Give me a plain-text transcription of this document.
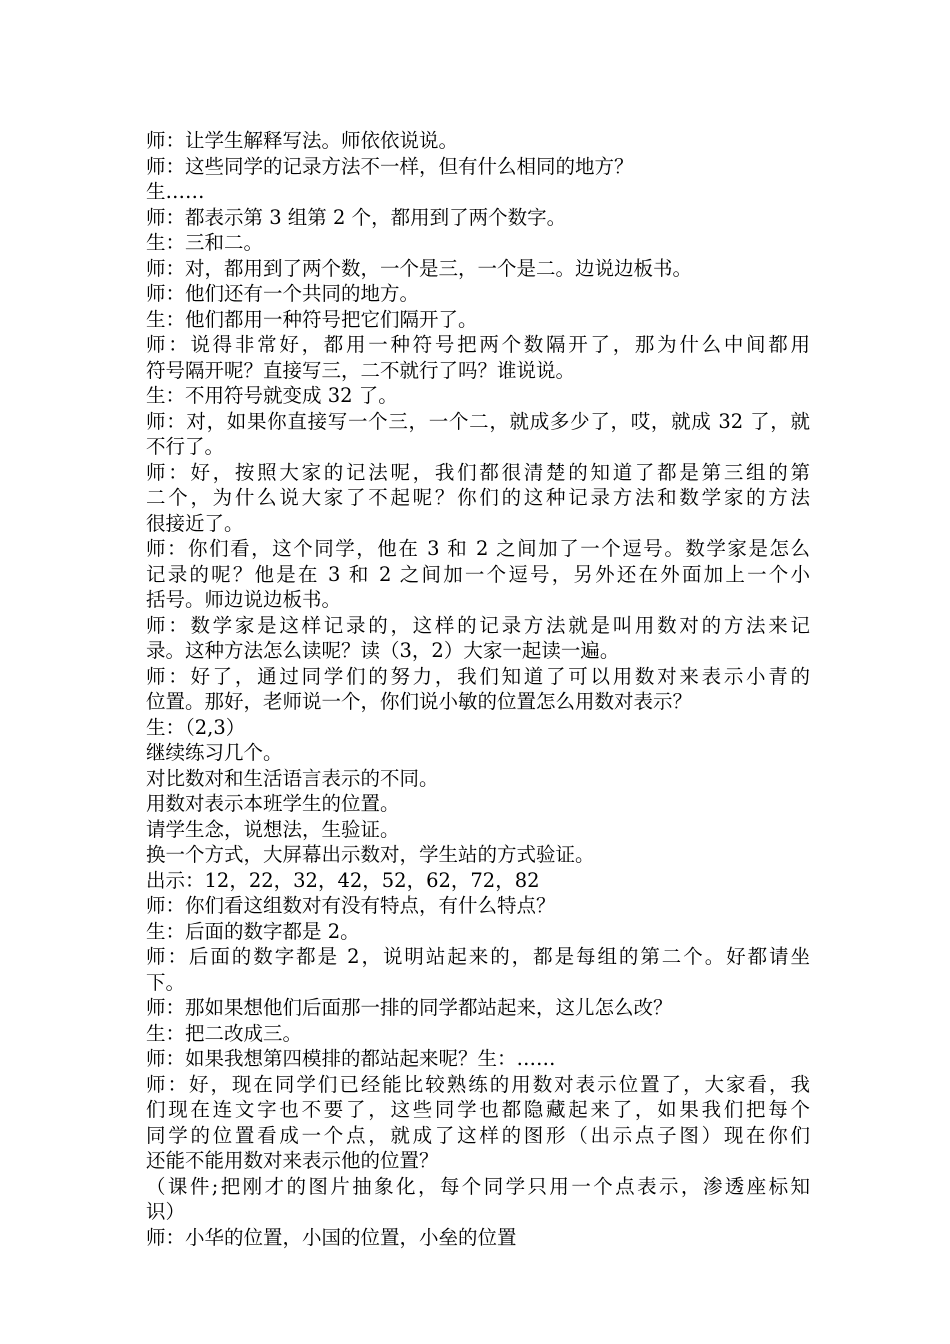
师：让学生解释写法。师依依说说。
师：这些同学的记录方法不一样，但有什么相同的地方？
生……
师：都表示第 3 组第 2 个，都用到了两个数字。
生：三和二。
师：对，都用到了两个数，一个是三，一个是二。边说边板书。
师：他们还有一个共同的地方。
生：他们都用一种符号把它们隔开了。
师：说得非常好，都用一种符号把两个数隔开了，那为什么中间都用
符号隔开呢？直接写三，二不就行了吗？谁说说。
生：不用符号就变成 32 了。
师：对，如果你直接写一个三，一个二，就成多少了，哎，就成 32 了，就
不行了。
师：好，按照大家的记法呢，我们都很清楚的知道了都是第三组的第
二个，为什么说大家了不起呢？你们的这种记录方法和数学家的方法
很接近了。
师：你们看，这个同学，他在 3 和 2 之间加了一个逗号。数学家是怎么
记录的呢？他是在 3 和 2 之间加一个逗号，另外还在外面加上一个小
括号。师边说边板书。
师：数学家是这样记录的，这样的记录方法就是叫用数对的方法来记
录。这种方法怎么读呢？读（3，2）大家一起读一遍。
师：好了，通过同学们的努力，我们知道了可以用数对来表示小青的
位置。那好，老师说一个，你们说小敏的位置怎么用数对表示？
生：（2,3）
继续练习几个。
对比数对和生活语言表示的不同。
用数对表示本班学生的位置。
请学生念，说想法，生验证。
换一个方式，大屏幕出示数对，学生站的方式验证。
出示：12，22，32，42，52，62，72，82
师：你们看这组数对有没有特点，有什么特点？
生：后面的数字都是 2。
师：后面的数字都是 2，说明站起来的，都是每组的第二个。好都请坐
下。
师：那如果想他们后面那一排的同学都站起来，这儿怎么改？
生：把二改成三。
师：如果我想第四模排的都站起来呢？生：……
师：好，现在同学们已经能比较熟练的用数对表示位置了，大家看，我
们现在连文字也不要了，这些同学也都隐藏起来了，如果我们把每个
同学的位置看成一个点，就成了这样的图形（出示点子图）现在你们
还能不能用数对来表示他的位置？
（课件;把刚才的图片抽象化，每个同学只用一个点表示，渗透座标知
识）
师：小华的位置，小国的位置，小垒的位置
